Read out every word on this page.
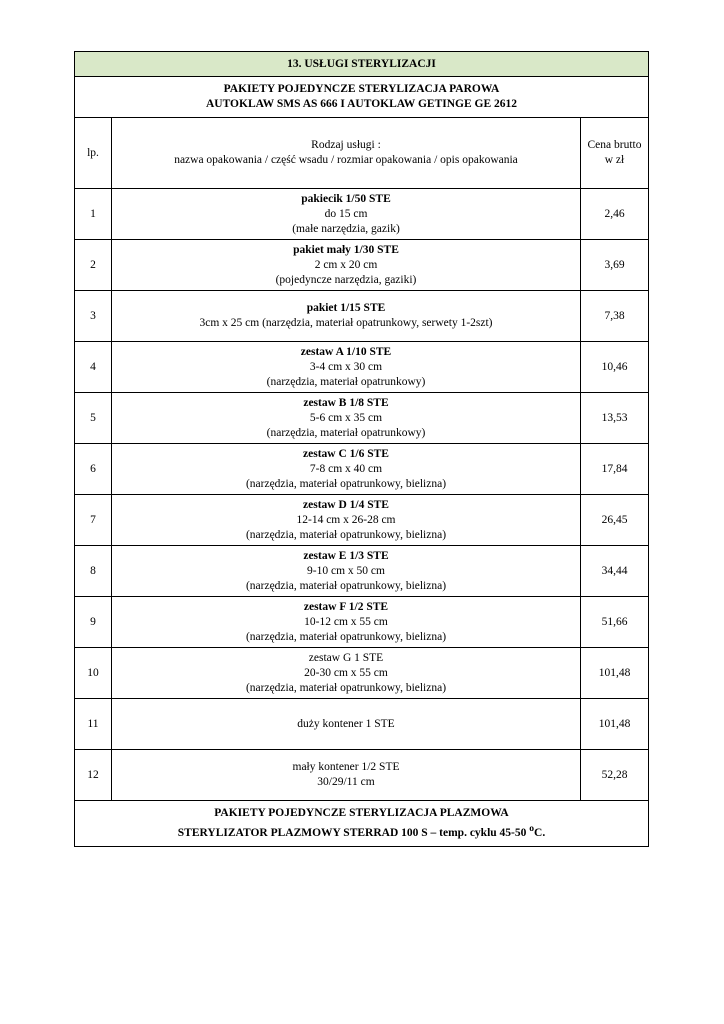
13. USŁUGI STERYLIZACJI		

PAKIETY POJEDYNCZE STERYLIZACJA PAROWA
AUTOKLAW SMS AS 666 I AUTOKLAW GETINGE GE 2612		

lp.	Rodzaj usługi :
nazwa opakowania / część wsadu / rozmiar opakowania / opis opakowania	Cena brutto
w zł

1	pakiecik 1/50 STE
do 15 cm
(małe narzędzia, gazik)	2,46
2	pakiet mały 1/30 STE
2 cm x 20 cm
(pojedyncze narzędzia, gaziki)	3,69
3	pakiet 1/15 STE
3cm x 25 cm (narzędzia, materiał opatrunkowy, serwety 1-2szt)	7,38
4	zestaw A 1/10 STE
3-4 cm x 30 cm
(narzędzia, materiał opatrunkowy)	10,46
5	zestaw B 1/8 STE
5-6 cm x 35 cm
(narzędzia, materiał opatrunkowy)	13,53
6	zestaw C 1/6 STE
7-8 cm x 40 cm
(narzędzia, materiał opatrunkowy, bielizna)	17,84
7	zestaw D 1/4 STE
12-14 cm x 26-28 cm
(narzędzia, materiał opatrunkowy, bielizna)	26,45
8	zestaw E 1/3 STE
9-10 cm x 50 cm
(narzędzia, materiał opatrunkowy, bielizna)	34,44
9	zestaw F 1/2 STE
10-12 cm x 55 cm
(narzędzia, materiał opatrunkowy, bielizna)	51,66
10	zestaw G 1 STE
20-30 cm x 55 cm
(narzędzia, materiał opatrunkowy, bielizna)	101,48
11	duży kontener 1 STE	101,48
12	mały kontener 1/2 STE
30/29/11 cm	52,28

PAKIETY POJEDYNCZE STERYLIZACJA PLAZMOWA
STERYLIZATOR PLAZMOWY STERRAD 100 S – temp. cyklu 45-50 $^o$C.		
